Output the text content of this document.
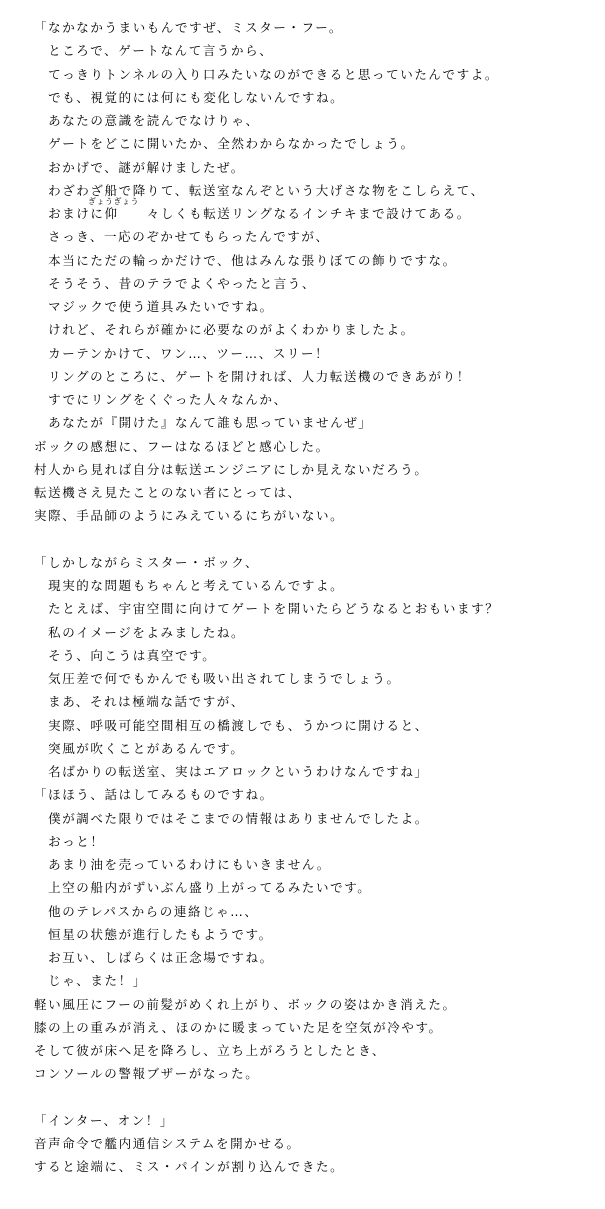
ぎょうぎょう
「なかなかうまいもんですぜ、ミスター・フー。
　ところで、ゲートなんて言うから、
　てっきりトンネルの入り口みたいなのができると思っていたんですよ。
　でも、視覚的には何にも変化しないんですね。
　あなたの意識を読んでなけりゃ、
　ゲートをどこに開いたか、全然わからなかったでしょう。
　おかげで、謎が解けましたぜ。
　わざわざ船で降りて、転送室なんぞという大げさな物をこしらえて、
　おまけに仰　　々しくも転送リングなるインチキまで設けてある。
　さっき、一応のぞかせてもらったんですが、
　本当にただの輪っかだけで、他はみんな張りぼての飾りですな。
　そうそう、昔のテラでよくやったと言う、
　マジックで使う道具みたいですね。
　けれど、それらが確かに必要なのがよくわかりましたよ。
　カーテンかけて、ワン…、ツー…、スリー！
　リングのところに、ゲートを開ければ、人力転送機のできあがり！
　すでにリングをくぐった人々なんか、
　あなたが『開けた』なんて誰も思っていませんぜ」
ボックの感想に、フーはなるほどと感心した。
村人から見れば自分は転送エンジニアにしか見えないだろう。
転送機さえ見たことのない者にとっては、
実際、手品師のようにみえているにちがいない。
「しかしながらミスター・ボック、
　現実的な問題もちゃんと考えているんですよ。
　たとえば、宇宙空間に向けてゲートを開いたらどうなるとおもいます？
　私のイメージをよみましたね。
　そう、向こうは真空です。
　気圧差で何でもかんでも吸い出されてしまうでしょう。
　まあ、それは極端な話ですが、
　実際、呼吸可能空間相互の橋渡しでも、うかつに開けると、
　突風が吹くことがあるんです。
　名ばかりの転送室、実はエアロックというわけなんですね」
「ほほう、話はしてみるものですね。
　僕が調べた限りではそこまでの情報はありませんでしたよ。
　おっと！
　あまり油を売っているわけにもいきません。
　上空の船内がずいぶん盛り上がってるみたいです。
　他のテレパスからの連絡じゃ…、
　恒星の状態が進行したもようです。
　お互い、しばらくは正念場ですね。
　じゃ、また！」
軽い風圧にフーの前髪がめくれ上がり、ボックの姿はかき消えた。
膝の上の重みが消え、ほのかに暖まっていた足を空気が冷やす。
そして彼が床へ足を降ろし、立ち上がろうとしたとき、
コンソールの警報ブザーがなった。
「インター、オン！」
音声命令で艦内通信システムを開かせる。
すると途端に、ミス・パインが割り込んできた。
